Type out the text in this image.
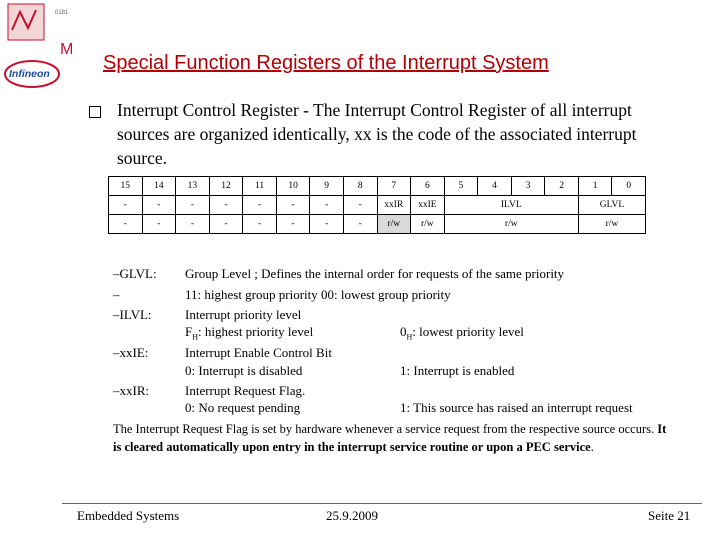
0181
M
Infineon	Special Function Registers of the Interrupt System
Interrupt Control Register - The Interrupt Control Register of all interrupt sources are organized identically, xx is the code of the associated interrupt source.
15	14	13	12	11	10	9	8	7	6	5	4	3	2	1	0
-	-	-	-	-	-	-	-	xxIR	xxIE	ILVL				GLVL	
-	-	-	-	-	-	-	-	r/w	r/w	r/w				r/w	
–GLVL: Group Level ; Defines the internal order for requests of the same priority
–	11: highest group priority 00: lowest group priority
–ILVL:	Interrupt priority level
$F_H$: highest priority level	$0_H$: lowest priority level
–xxIE:	Interrupt Enable Control Bit
0: Interrupt is disabled	1: Interrupt is enabled
–xxIR:	Interrupt Request Flag.
0: No request pending	1: This source has raised an interrupt request
The Interrupt Request Flag is set by hardware whenever a service request from the respective source occurs. It is cleared automatically upon entry in the interrupt service routine or upon a PEC service.
Embedded Systems	25.9.2009	Seite 21
